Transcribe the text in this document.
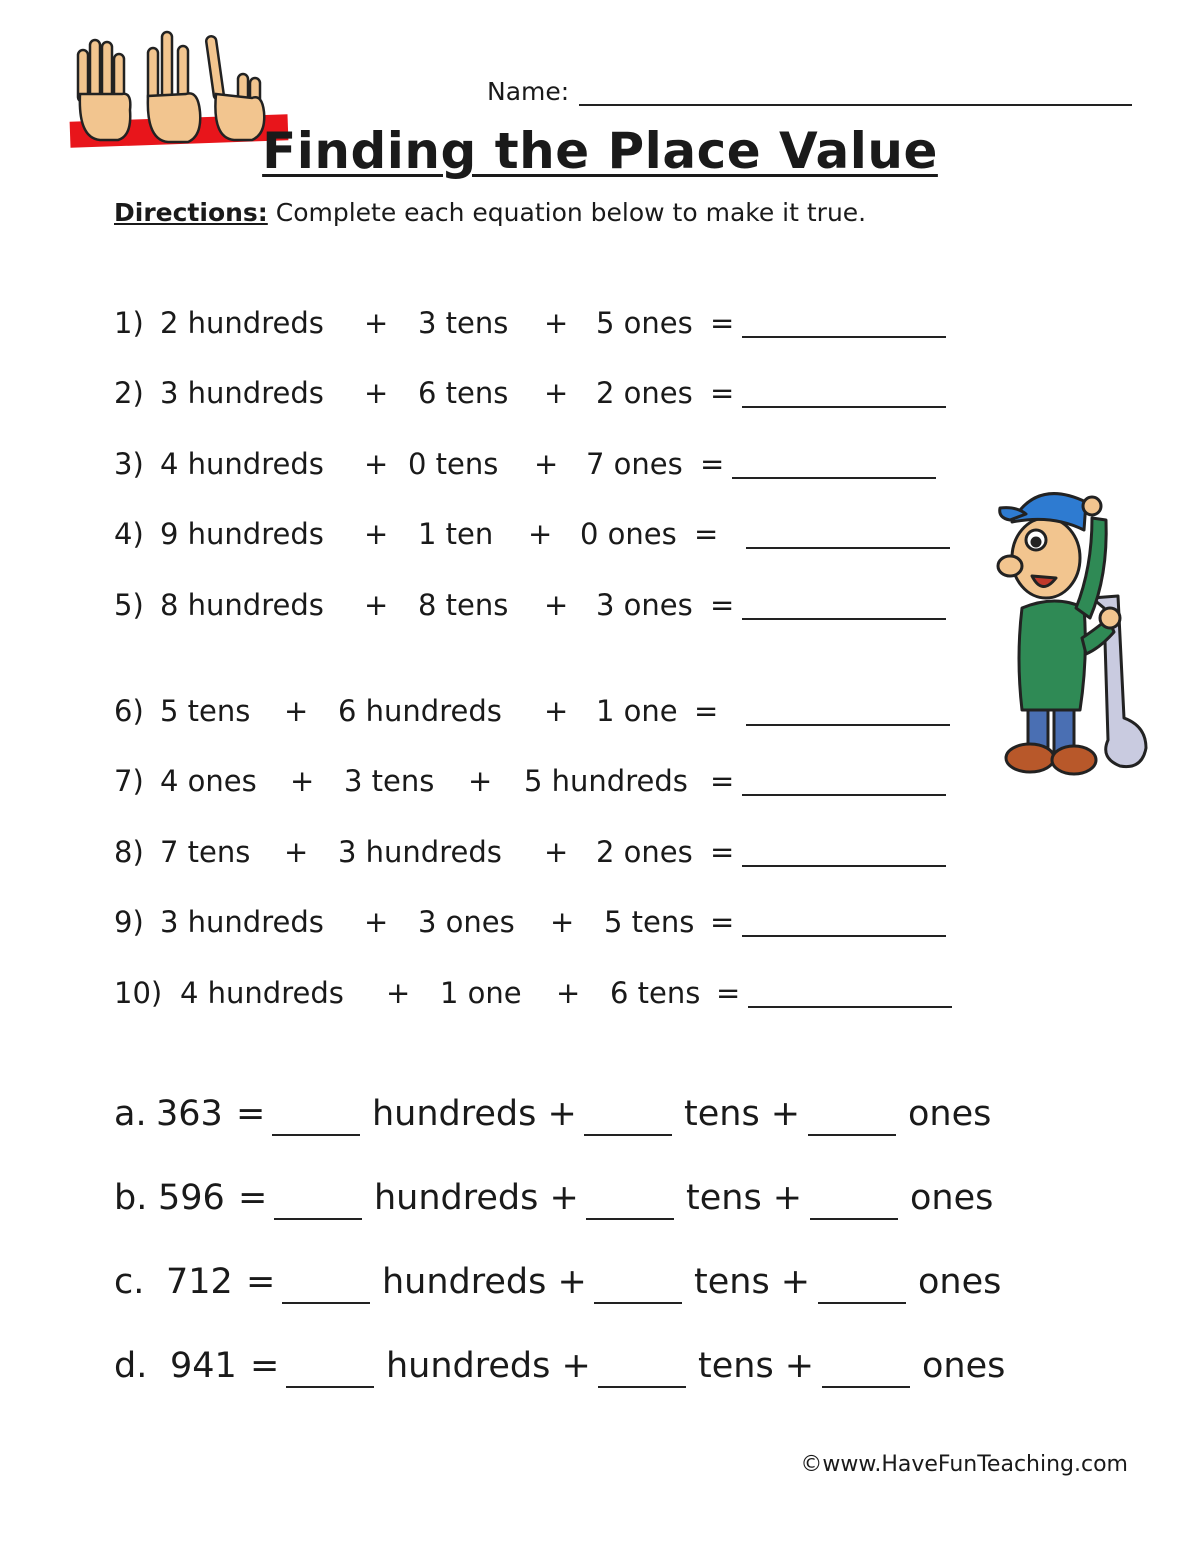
Name:
Finding the Place Value
Directions: Complete each equation below to make it true.
1) 2 hundreds + 3 tens + 5 ones =
2) 3 hundreds + 6 tens + 2 ones =
3) 4 hundreds + 0 tens + 7 ones =
4) 9 hundreds + 1 ten + 0 ones =
5) 8 hundreds + 8 tens + 3 ones =
6) 5 tens + 6 hundreds + 1 one =
7) 4 ones + 3 tens + 5 hundreds =
8) 7 tens + 3 hundreds + 2 ones =
9) 3 hundreds + 3 ones + 5 tens =
10) 4 hundreds + 1 one + 6 tens =
a. 363 =	hundreds +	tens +	ones
b. 596 =	hundreds +	tens +	ones
c. 712 =	hundreds +	tens +	ones
d. 941 =	hundreds +	tens +	ones
©www.HaveFunTeaching.com
